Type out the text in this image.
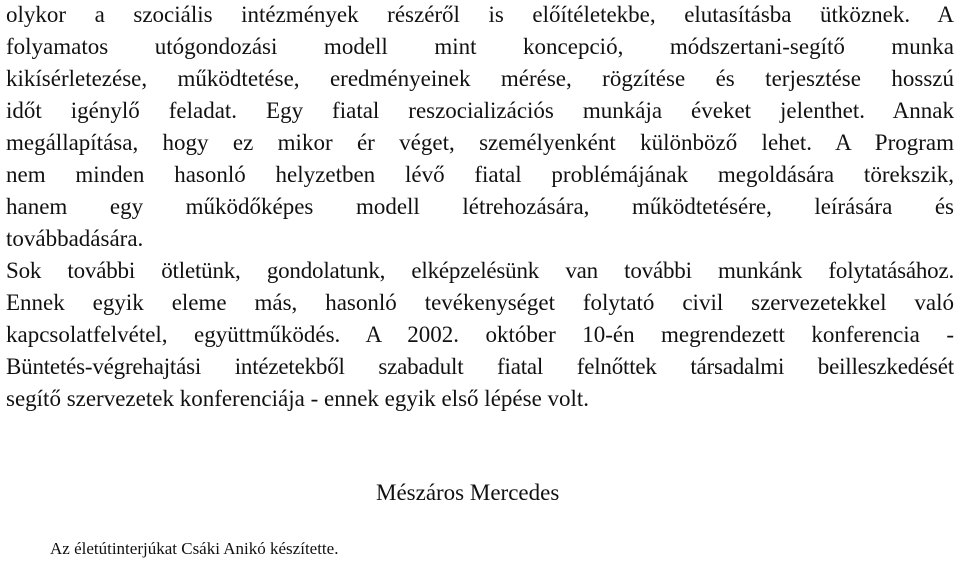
olykor a szociális intézmények részéről is előítéletekbe, elutasításba ütköznek. A
folyamatos utógondozási modell mint koncepció, módszertani-segítő munka
kikísérletezése, működtetése, eredményeinek mérése, rögzítése és terjesztése hosszú
időt igénylő feladat. Egy fiatal reszocializációs munkája éveket jelenthet. Annak
megállapítása, hogy ez mikor ér véget, személyenként különböző lehet. A Program
nem minden hasonló helyzetben lévő fiatal problémájának megoldására törekszik,
hanem egy működőképes modell létrehozására, működtetésére, leírására és
továbbadására.
Sok további ötletünk, gondolatunk, elképzelésünk van további munkánk folytatásához.
Ennek egyik eleme más, hasonló tevékenységet folytató civil szervezetekkel való
kapcsolatfelvétel, együttműködés. A 2002. október 10-én megrendezett konferencia -
Büntetés-végrehajtási intézetekből szabadult fiatal felnőttek társadalmi beilleszkedését
segítő szervezetek konferenciája - ennek egyik első lépése volt.
Mészáros Mercedes
Az életútinterjúkat Csáki Anikó készítette.
